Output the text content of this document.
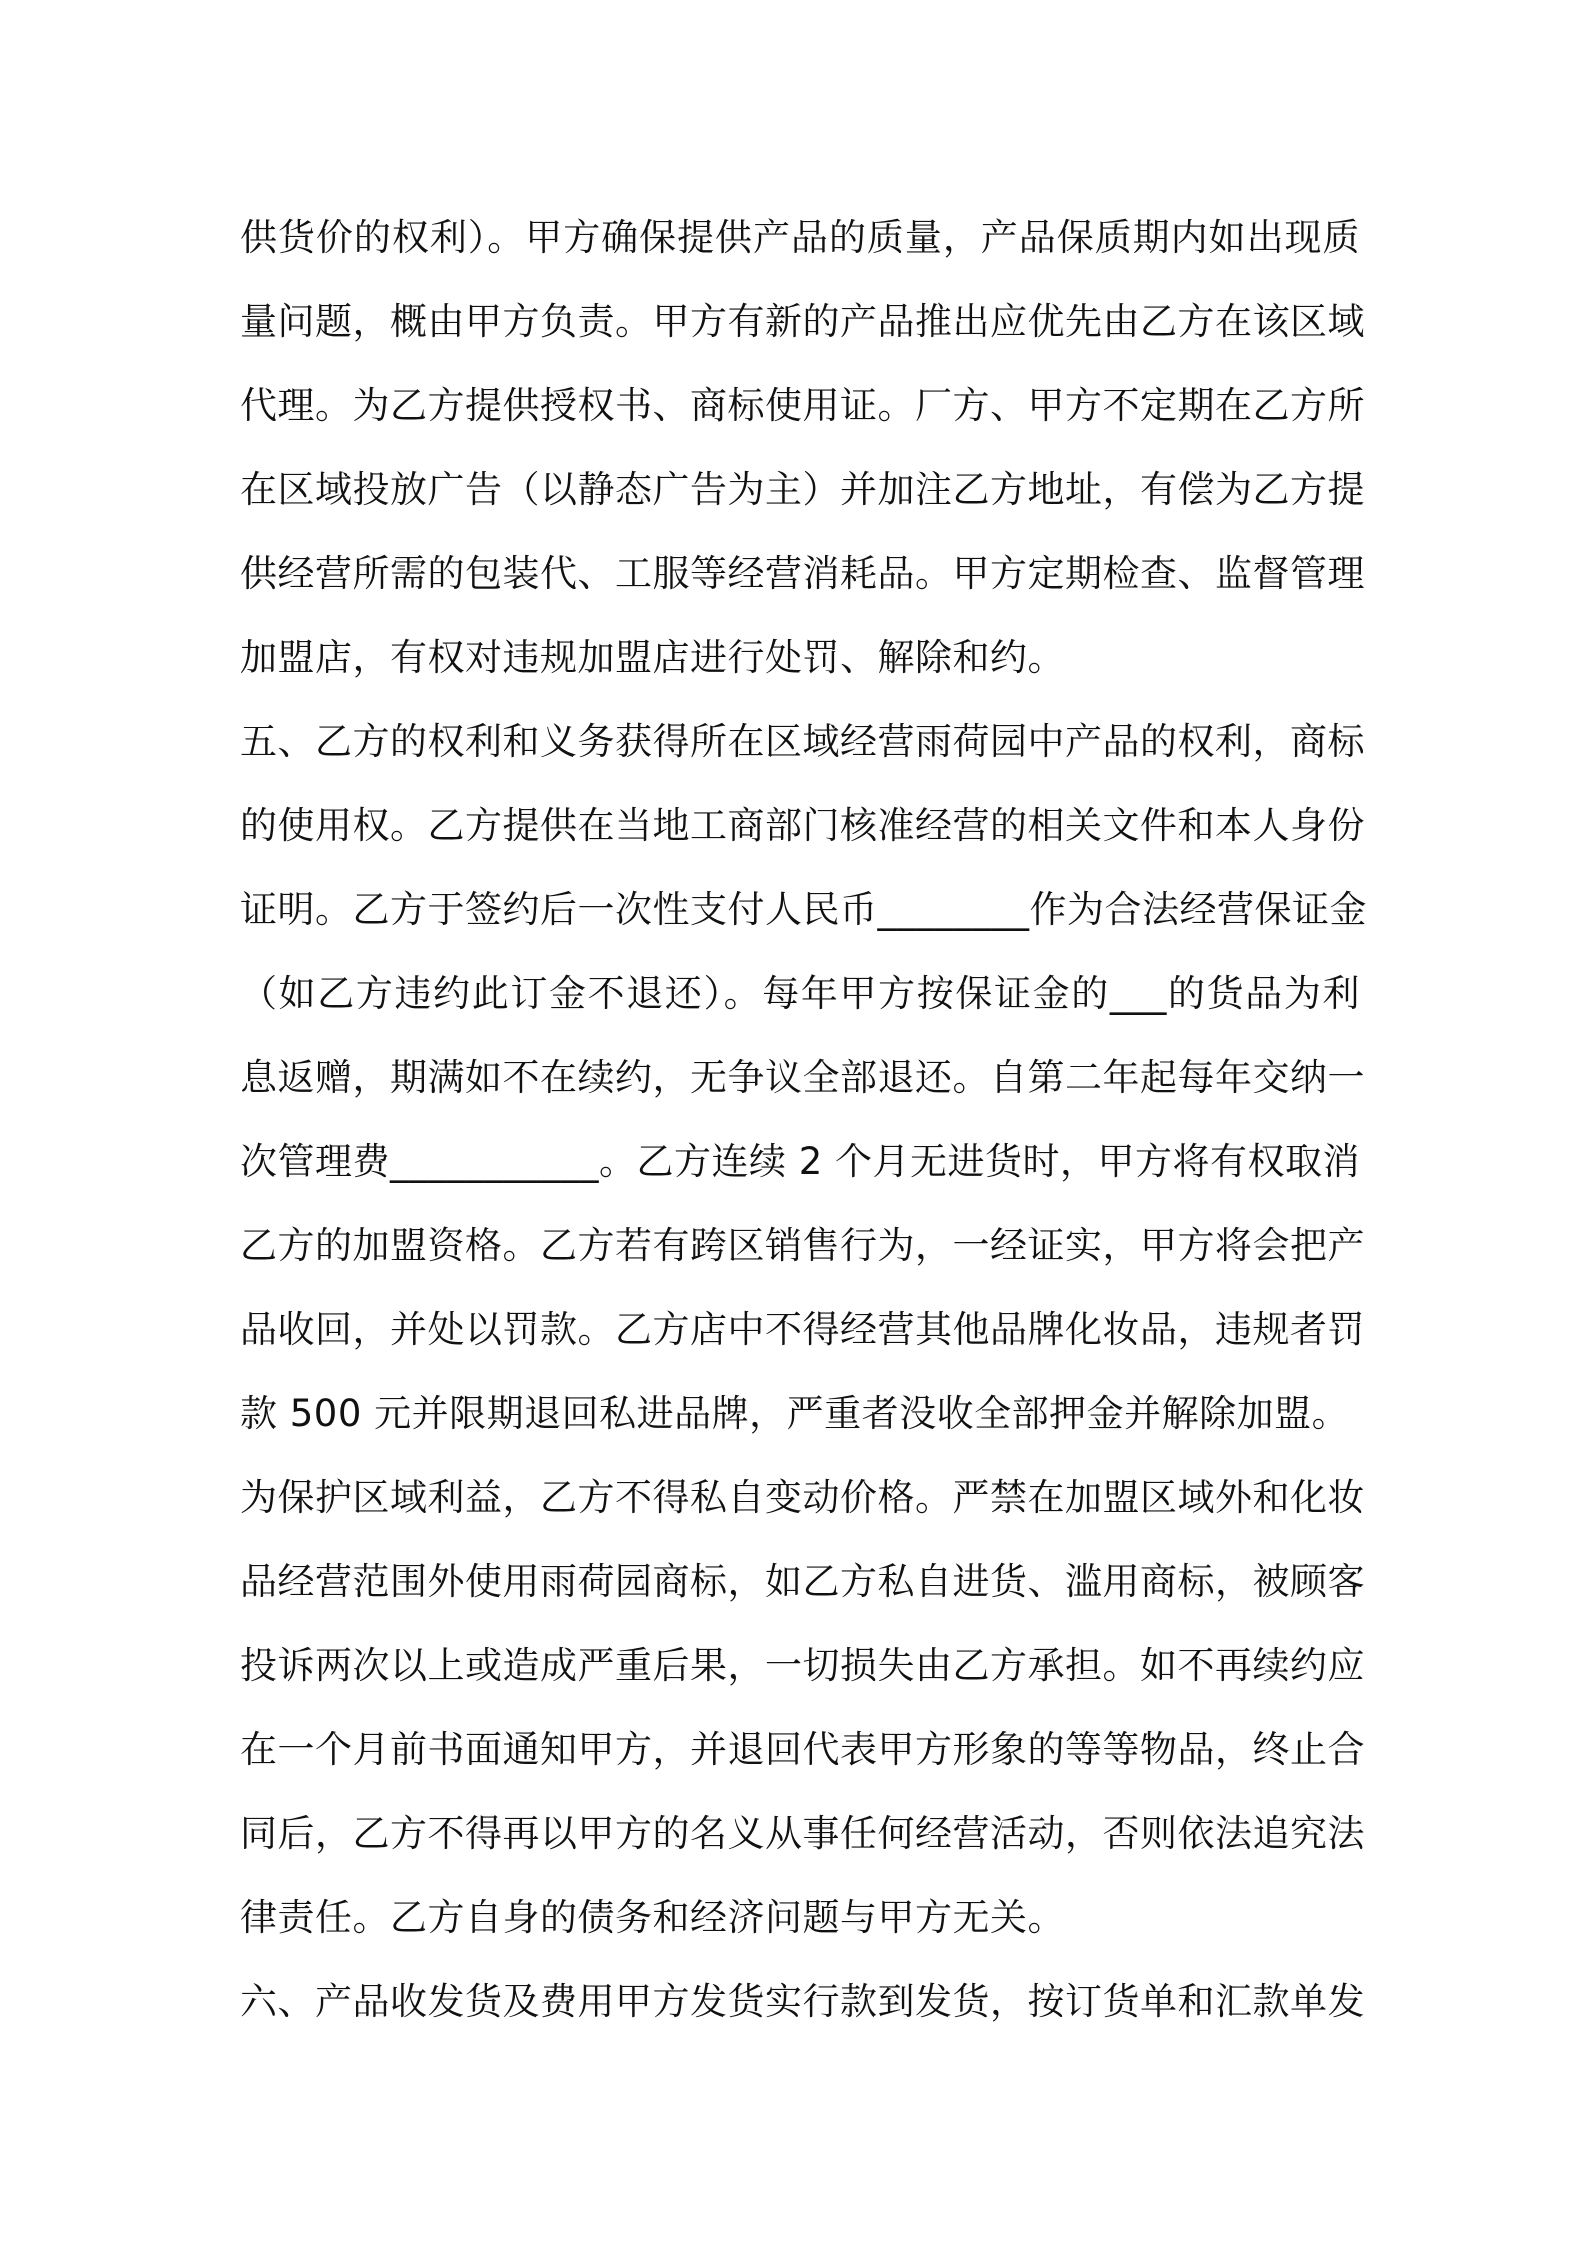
供货价的权利）。甲方确保提供产品的质量，产品保质期内如出现质
量问题，概由甲方负责。甲方有新的产品推出应优先由乙方在该区域
代理。为乙方提供授权书、商标使用证。厂方、甲方不定期在乙方所
在区域投放广告（以静态广告为主）并加注乙方地址，有偿为乙方提
供经营所需的包装代、工服等经营消耗品。甲方定期检查、监督管理
加盟店，有权对违规加盟店进行处罚、解除和约。
五、乙方的权利和义务获得所在区域经营雨荷园中产品的权利，商标
的使用权。乙方提供在当地工商部门核准经营的相关文件和本人身份
证明。乙方于签约后一次性支付人民币________作为合法经营保证金
（如乙方违约此订金不退还）。每年甲方按保证金的___的货品为利
息返赠，期满如不在续约，无争议全部退还。自第二年起每年交纳一
次管理费___________。乙方连续 2 个月无进货时，甲方将有权取消
乙方的加盟资格。乙方若有跨区销售行为，一经证实，甲方将会把产
品收回，并处以罚款。乙方店中不得经营其他品牌化妆品，违规者罚
款 500 元并限期退回私进品牌，严重者没收全部押金并解除加盟。
为保护区域利益，乙方不得私自变动价格。严禁在加盟区域外和化妆
品经营范围外使用雨荷园商标，如乙方私自进货、滥用商标，被顾客
投诉两次以上或造成严重后果，一切损失由乙方承担。如不再续约应
在一个月前书面通知甲方，并退回代表甲方形象的等等物品，终止合
同后，乙方不得再以甲方的名义从事任何经营活动，否则依法追究法
律责任。乙方自身的债务和经济问题与甲方无关。
六、产品收发货及费用甲方发货实行款到发货，按订货单和汇款单发
